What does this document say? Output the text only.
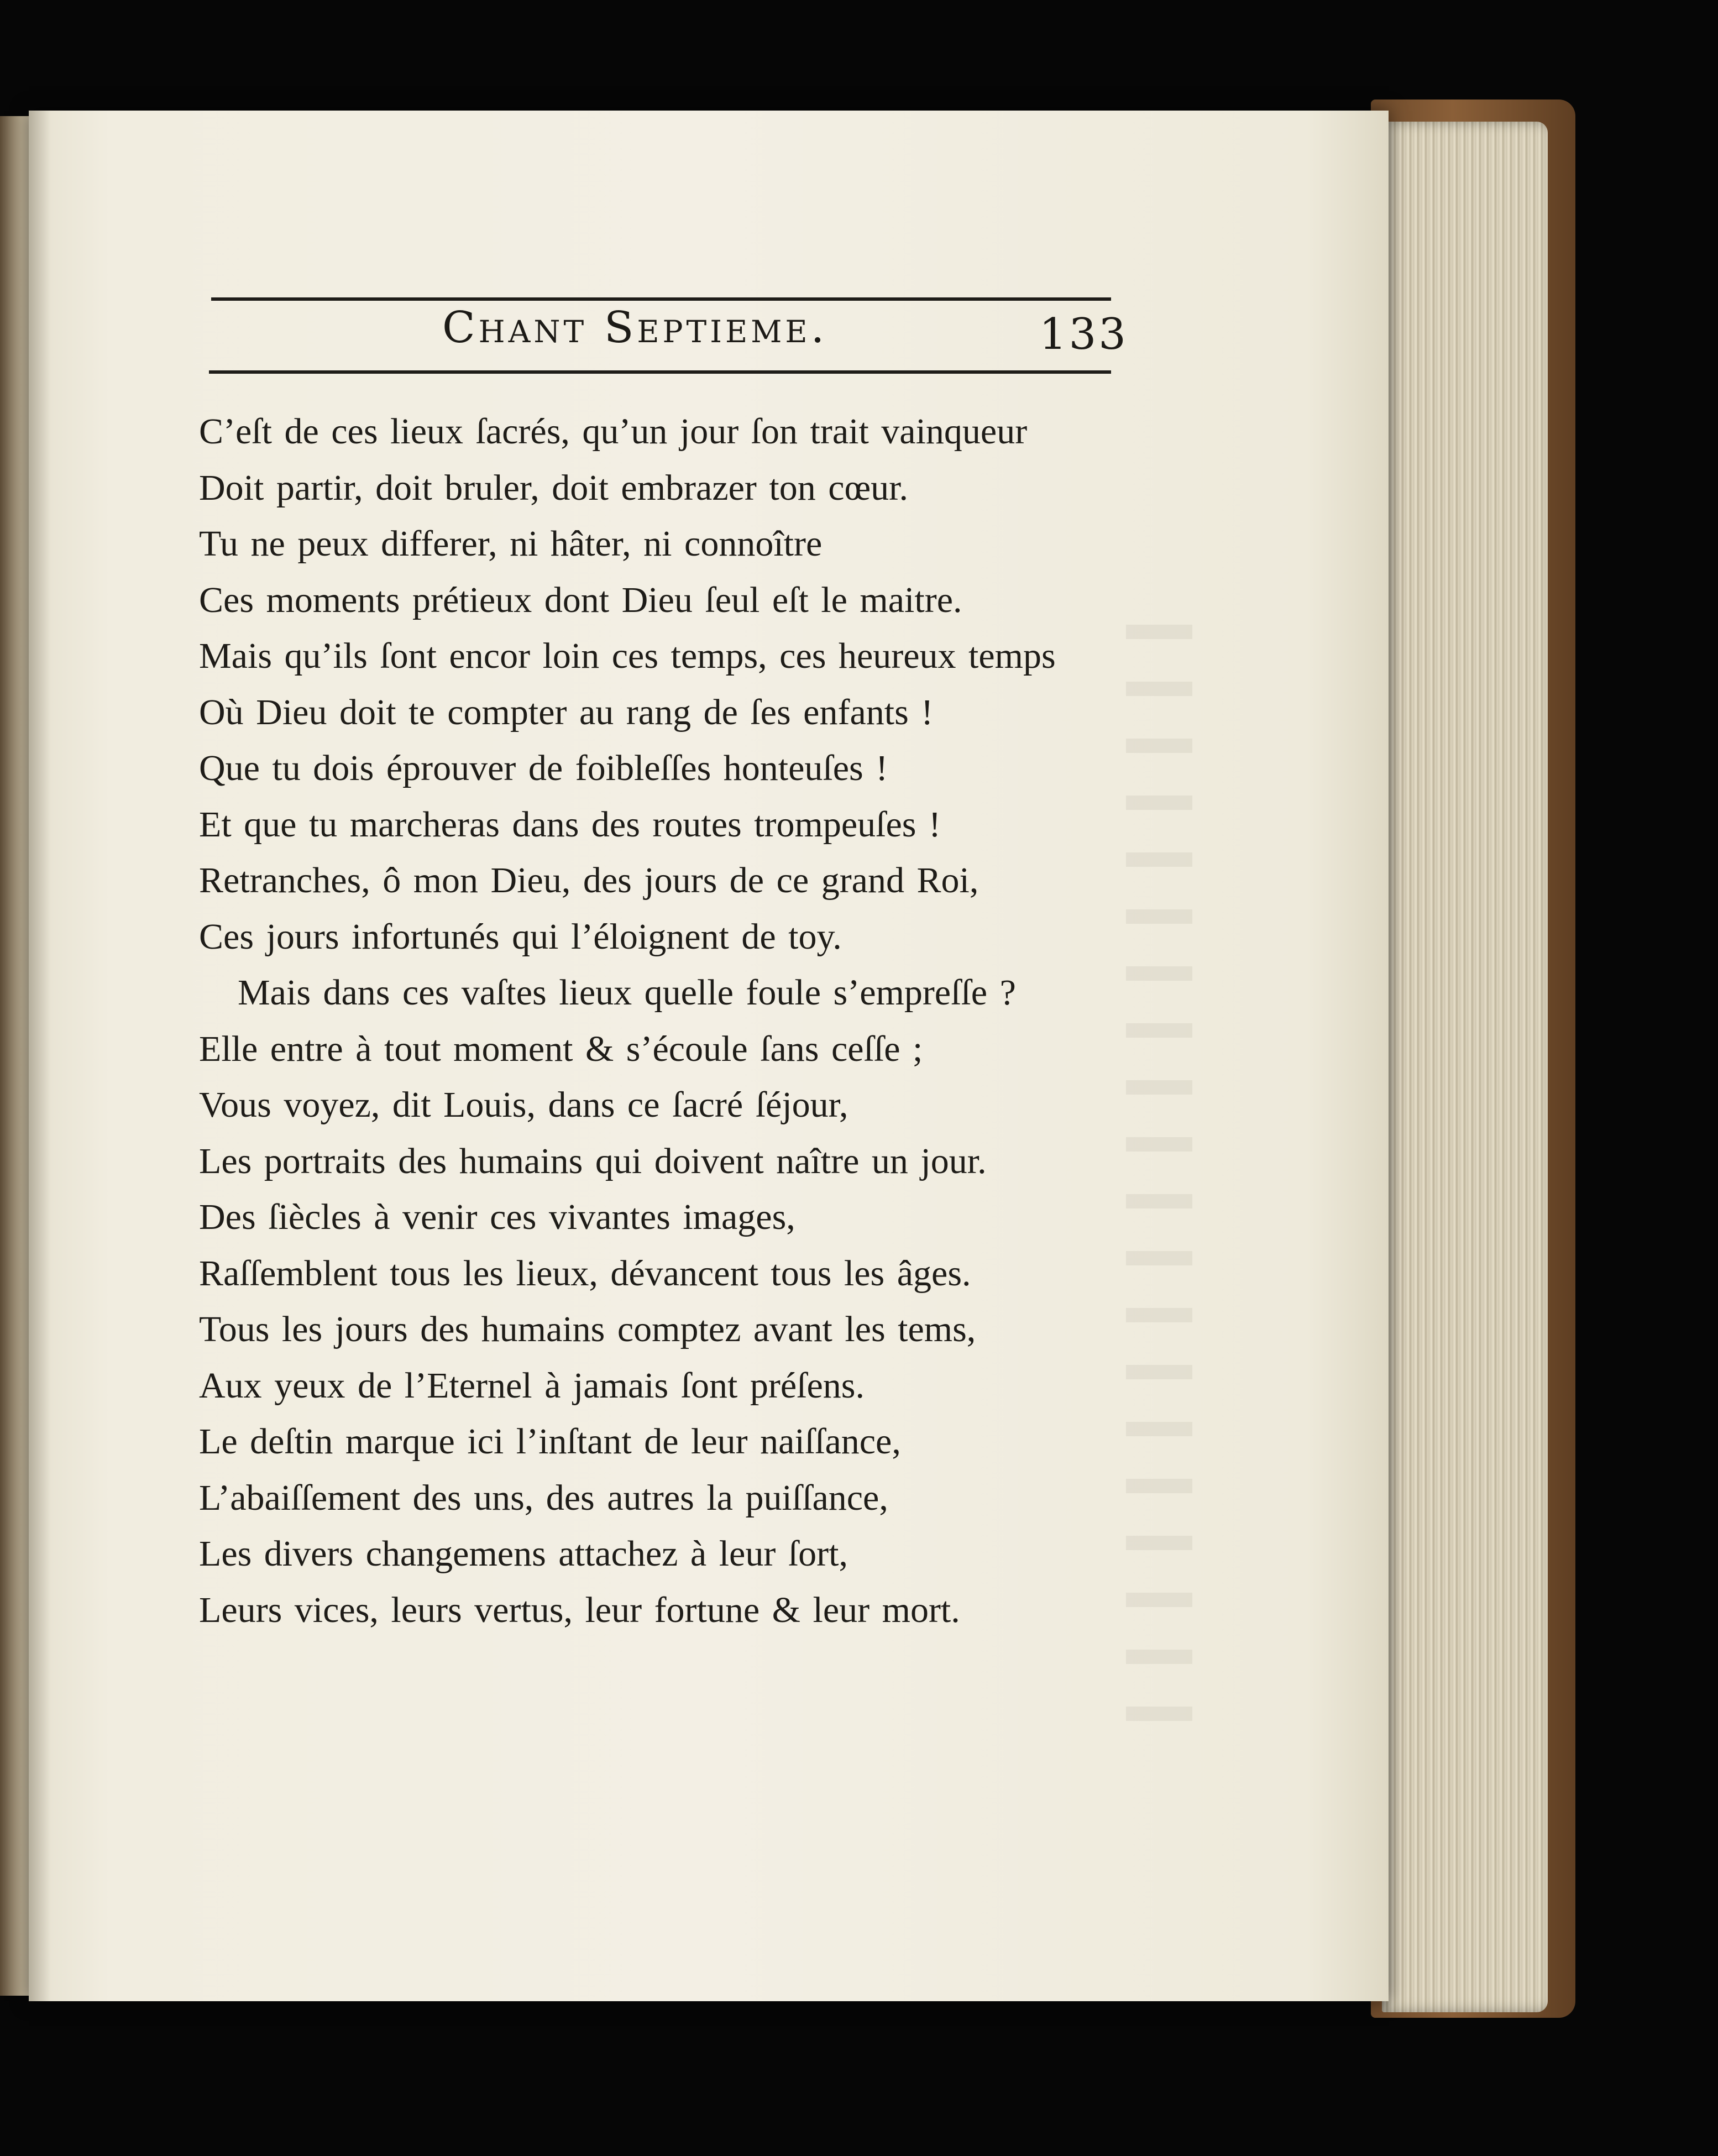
Chant Septieme.	133
C’eſt de ces lieux ſacrés, qu’un jour ſon trait vainqueur
Doit partir, doit bruler, doit embrazer ton cœur.
Tu ne peux differer, ni hâter, ni connoître
Ces moments prétieux dont Dieu ſeul eſt le maitre.
Mais qu’ils ſont encor loin ces temps, ces heureux temps
Où Dieu doit te compter au rang de ſes enfants !
Que tu dois éprouver de foibleſſes honteuſes !
Et que tu marcheras dans des routes trompeuſes !
Retranches, ô mon Dieu, des jours de ce grand Roi,
Ces jours infortunés qui l’éloignent de toy.
Mais dans ces vaſtes lieux quelle foule s’empreſſe ?
Elle entre à tout moment & s’écoule ſans ceſſe ;
Vous voyez, dit Louis, dans ce ſacré ſéjour,
Les portraits des humains qui doivent naître un jour.
Des ſiècles à venir ces vivantes images,
Raſſemblent tous les lieux, dévancent tous les âges.
Tous les jours des humains comptez avant les tems,
Aux yeux de l’Eternel à jamais ſont préſens.
Le deſtin marque ici l’inſtant de leur naiſſance,
L’abaiſſement des uns, des autres la puiſſance,
Les divers changemens attachez à leur ſort,
Leurs vices, leurs vertus, leur fortune & leur mort.
